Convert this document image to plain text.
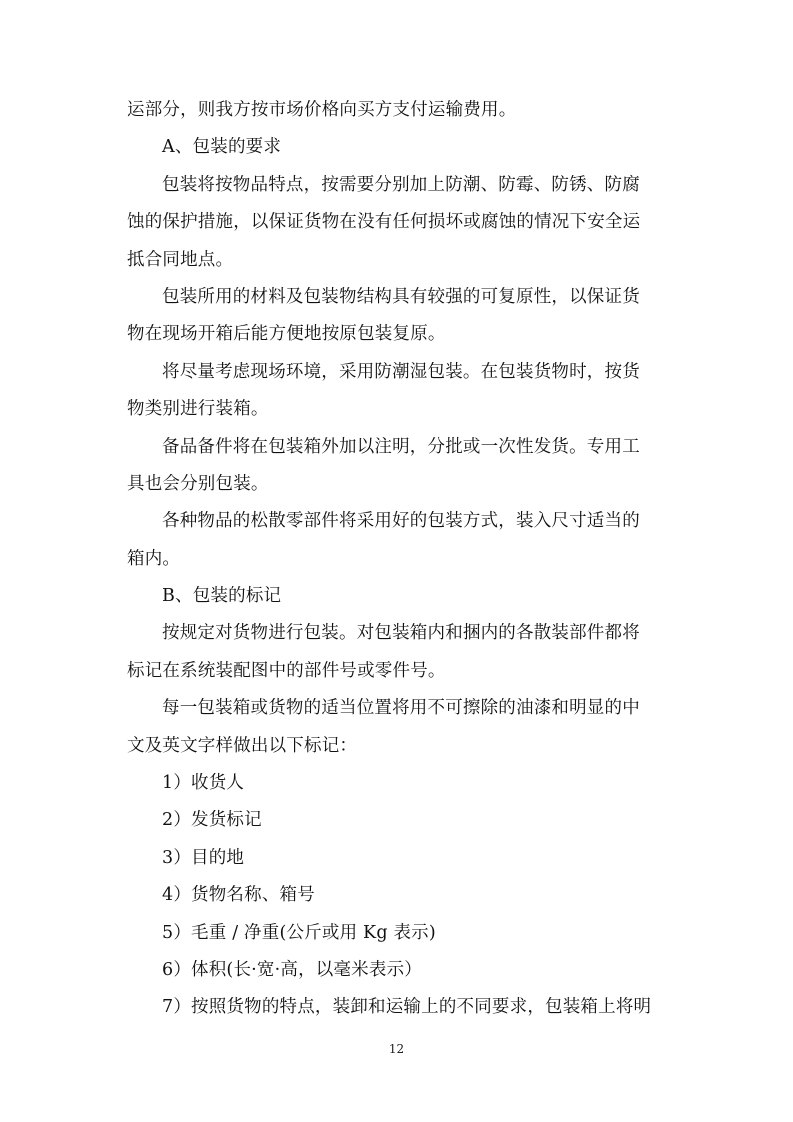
运部分，则我方按市场价格向买方支付运输费用。
A、包装的要求
包装将按物品特点，按需要分别加上防潮、防霉、防锈、防腐
蚀的保护措施，以保证货物在没有任何损坏或腐蚀的情况下安全运
抵合同地点。
包装所用的材料及包装物结构具有较强的可复原性，以保证货
物在现场开箱后能方便地按原包装复原。
将尽量考虑现场环境，采用防潮湿包装。在包装货物时，按货
物类别进行装箱。
备品备件将在包装箱外加以注明，分批或一次性发货。专用工
具也会分别包装。
各种物品的松散零部件将采用好的包装方式，装入尺寸适当的
箱内。
B、包装的标记
按规定对货物进行包装。对包装箱内和捆内的各散装部件都将
标记在系统装配图中的部件号或零件号。
每一包装箱或货物的适当位置将用不可擦除的油漆和明显的中
文及英文字样做出以下标记：
1）收货人
2）发货标记
3）目的地
4）货物名称、箱号
5）毛重 / 净重(公斤或用 Kg 表示)
6）体积(长·宽·高，以毫米表示）
7）按照货物的特点，装卸和运输上的不同要求，包装箱上将明
12
